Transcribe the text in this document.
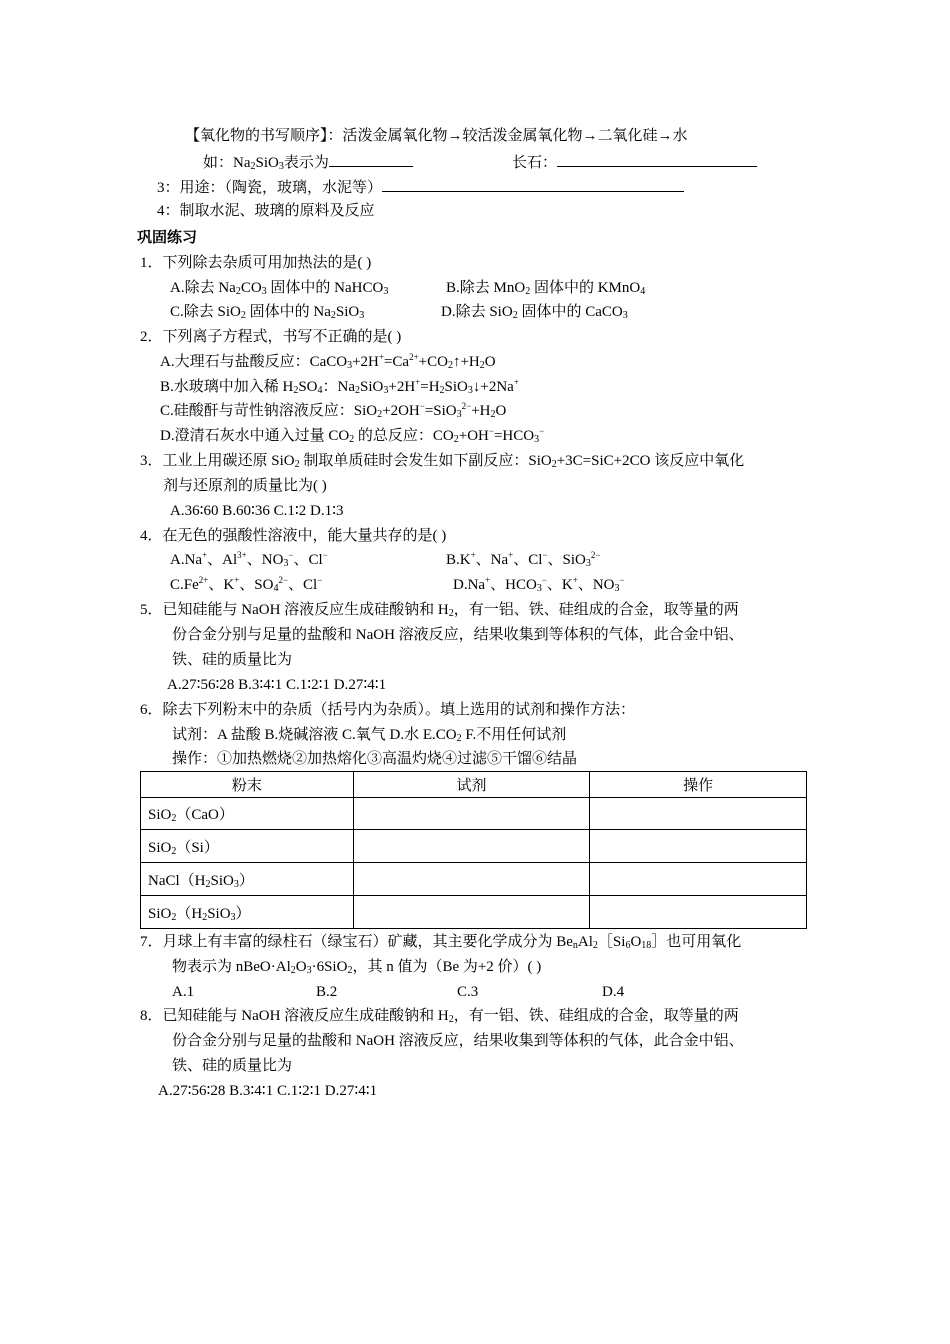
【氧化物的书写顺序】：活泼金属氧化物→较活泼金属氧化物→二氧化硅→水
如：$Na_2SiO_3$表示为	长石：
3：用途：（陶瓷，玻璃，水泥等）
4：制取水泥、玻璃的原料及反应
巩固练习
1．下列除去杂质可用加热法的是( )
A.除去 $Na_2CO_3$ 固体中的 NaHCO$_3$	B.除去 MnO$_2$ 固体中的 KMnO$_4$
C.除去 SiO$_2$ 固体中的 $Na_2SiO_3$	D.除去 SiO$_2$ 固体中的 CaCO$_3$
2．下列离子方程式，书写不正确的是( )
A.大理石与盐酸反应：$CaCO_3+2H^+=Ca^{2+}+CO_2↑+H_2O$
B.水玻璃中加入稀 $H_2SO_4$：$Na_2SiO_3+2H^+=H_2SiO_3↓+2Na^+$
C.硅酸酐与苛性钠溶液反应：$SiO_2+2OH^-=SiO_3^{2-}+H_2O$
D.澄清石灰水中通入过量 $CO_2$ 的总反应：$CO_2+OH^-=HCO_3^-$
3．工业上用碳还原 SiO$_2$ 制取单质硅时会发生如下副反应：SiO$_2$+3C=SiC+2CO 该反应中氧化
剂与还原剂的质量比为( )
A.36∶60 B.60∶36 C.1∶2 D.1∶3
4．在无色的强酸性溶液中，能大量共存的是( )
A.Na+、$Al^{3+}$、$NO_3^-$、Cl−	B.K+、Na+、Cl−、SiO$_3^{2-}$
$C.Fe^{2+}$、K+、$SO_4^{2-}$、Cl−	D.Na+、$HCO_3^-$、K+、$NO_3^-$
5．已知硅能与 NaOH 溶液反应生成硅酸钠和 $H_2$，有一铝、铁、硅组成的合金，取等量的两
份合金分别与足量的盐酸和 NaOH 溶液反应，结果收集到等体积的气体，此合金中铝、
铁、硅的质量比为
A.27∶56∶28 B.3∶4∶1 C.1∶2∶1 D.27∶4∶1
6．除去下列粉末中的杂质（括号内为杂质）。填上选用的试剂和操作方法：
试剂：A 盐酸 B.烧碱溶液 C.氧气 D.水 $E.CO_2$ F.不用任何试剂
操作：①加热燃烧②加热熔化③高温灼烧④过滤⑤干馏⑥结晶
粉末	试剂	操作
SiO$_2$（CaO）		
SiO$_2$（Si）		
$NaCl(H_2SiO_3)$		
$SiO_2(H_2SiO_3)$		
7．月球上有丰富的绿柱石（绿宝石）矿藏，其主要化学成分为 $Be_nAl_2[Si_6O_{18}]$也可用氧化
物表示为 $nBeO\cdot Al_2O_3\cdot 6SiO_2$，其 n 值为（Be 为+2 价）( )
A.1	B.2	C.3	D.4
8．已知硅能与 NaOH 溶液反应生成硅酸钠和 $H_2$，有一铝、铁、硅组成的合金，取等量的两
份合金分别与足量的盐酸和 NaOH 溶液反应，结果收集到等体积的气体，此合金中铝、
铁、硅的质量比为
A.27∶56∶28 B.3∶4∶1 C.1∶2∶1 D.27∶4∶1
